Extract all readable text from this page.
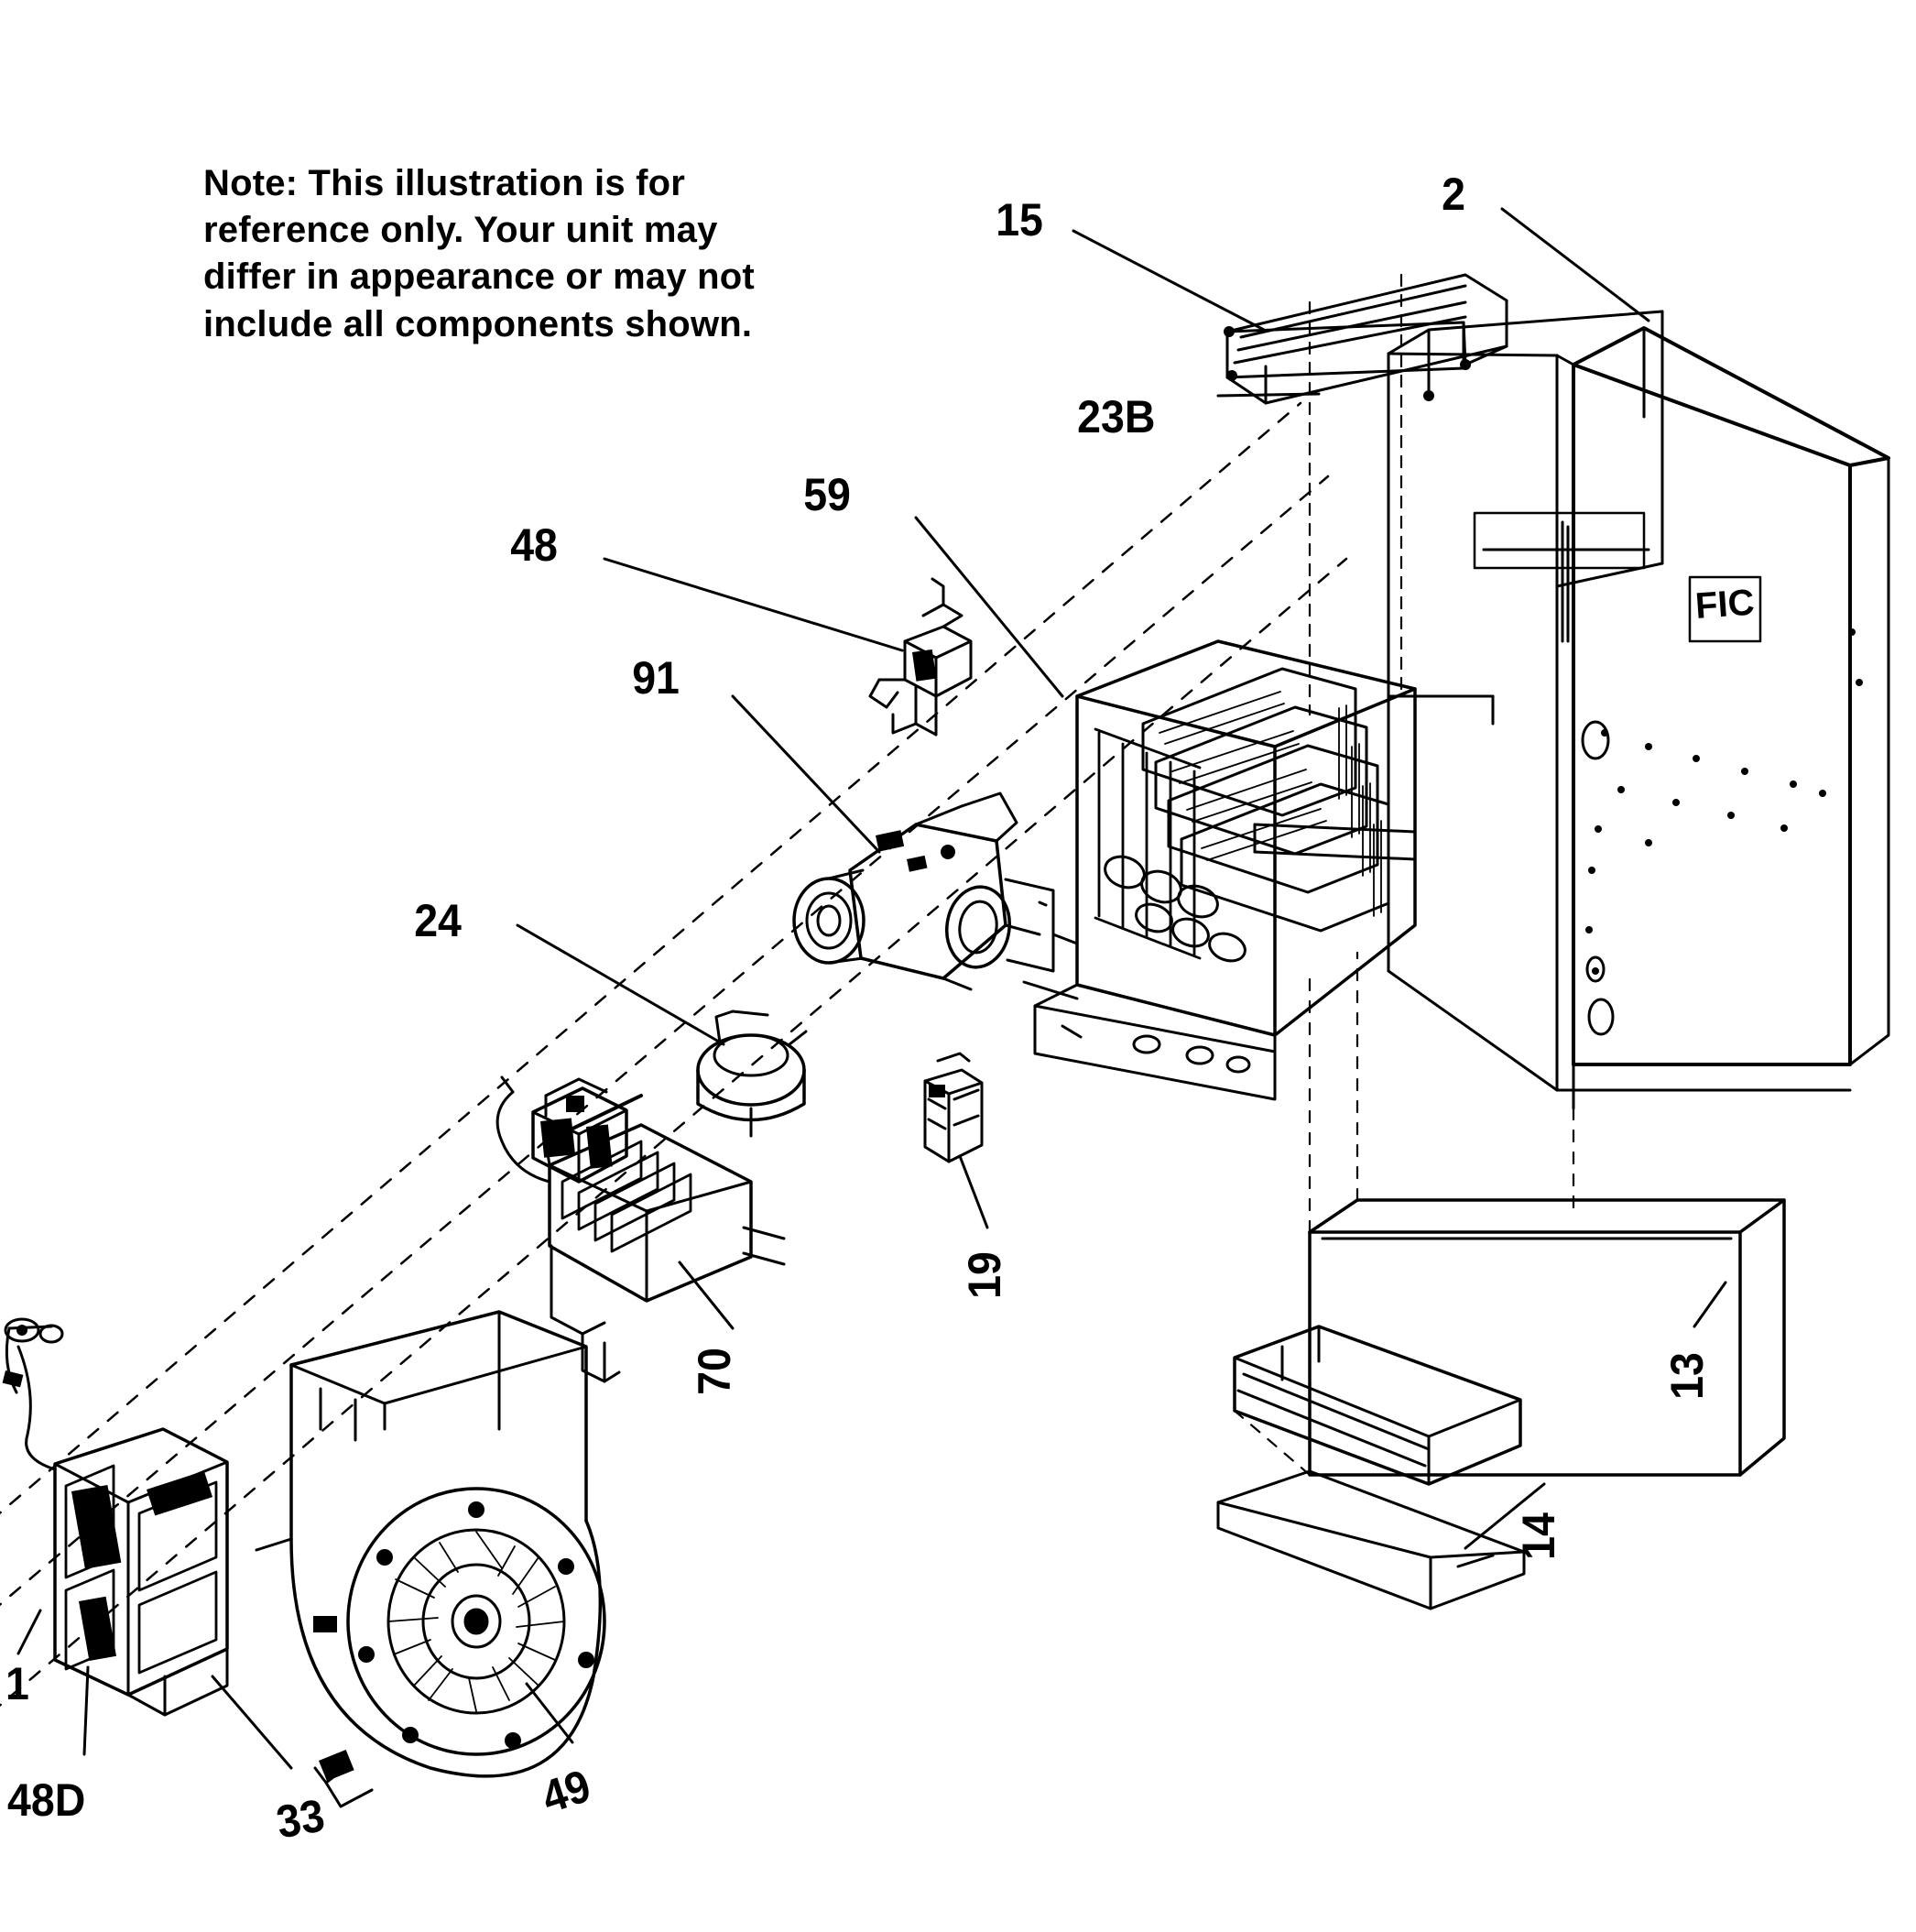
FIC
Note: This illustration is for reference only. Your unit may differ in appearance or may not include all components shown.
15	2
23B
59
48
91
24
19
70	13
14
49
33
48D
1
